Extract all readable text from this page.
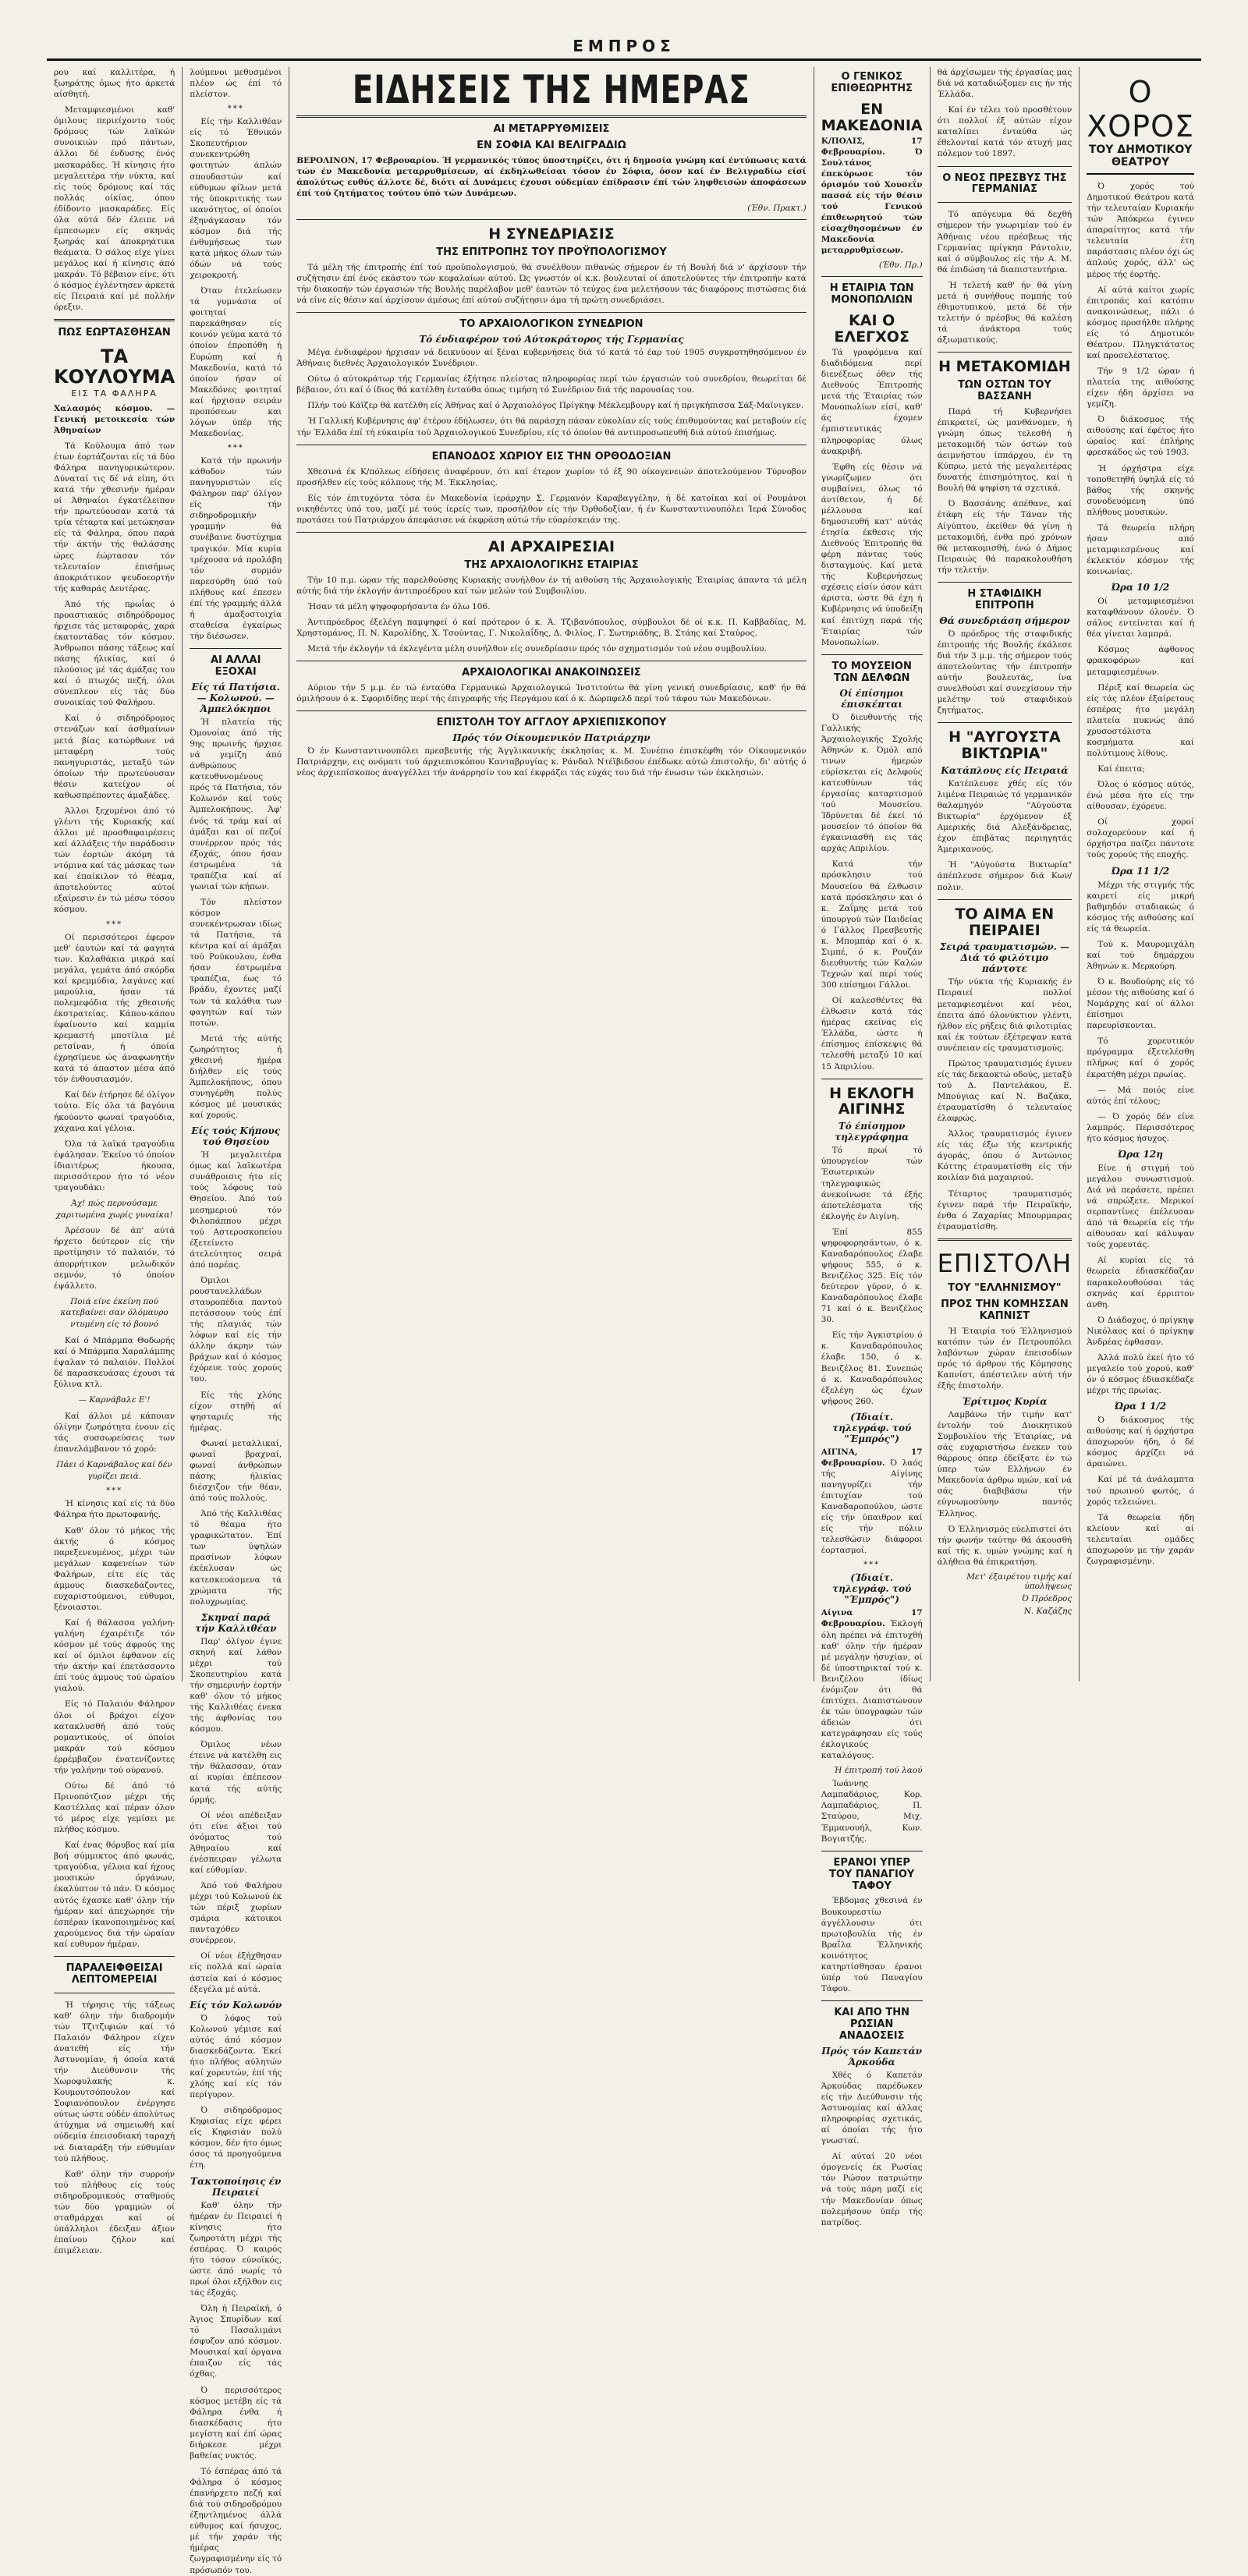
ΕΜΠΡΟΣ

ρου καί καλλιτέρα, ή ξωηράτης όμως ήτο άρκετά αίσθητή.

Μεταμφιεσμένοι καθ' όμιλους περιείχοντο τούς δρόμους τών λαϊκών συνοικιών πρό πάντων, άλλοι δέ ένδυσης ένός μασκαράδες. Ή κίνησις ήτο μεγαλειτέρα τήν νύκτα, καί είς τούς δρόμους καί τάς πολλάς οίκίας, όπου έδίδοντο μασκαράδες. Είς όλα αύτά δέν έλειπε νά έμπεσωμεν είς σκηνάς ξωηράς καί άποκρηάτικα θεάματα. Ό σάλος είχε γίνει μεγάλος καί ή κίνησις άπό μακράν. Τό βέβαιον είνε, ότι ό κόσμος έγλέντησεν άρκετά είς Πειραιά καί μέ πολλήν όρεξιν.

ΠΩΣ ΕΩΡΤΑΣΘΗΣΑΝ
ΤΑ ΚΟΥΛΟΥΜΑ
ΕΙΣ ΤΑ ΦΑΛΗΡΑ

Χαλασμός κόσμου. — Γενική μετοικεσία τών Άθηναίων

Τά Κούλουμα άπό των έτων έορτάζονται είς τά δύο Φάληρα πανηγυρικώτερον. Δύναταί τις δέ νά είπη, ότι κατά τήν χθεσινήν ήμέραν οί Άθηναίοι έγκατέλειπον τήν πρωτεύουσαν κατά τά τρία τέταρτα καί μετώκησαν είς τά Φάληρα, όπου παρά τήν άκτήν τής θαλάσσης ώρες έώρτασαν τόν τελευταίον έπισήμως άποκριάτικον ψευδοεορτήν τής καθαράς Δευτέρας.

Άπό τής πρωΐας ό προαστιακός σιδηρόδρομος ήρχισε τάς μεταφοράς, χαρά έκατοντάδας τόν κόσμον. Άνθρωποι πάσης τάξεως καί πάσης ήλικίας, καί ό πλούσιος μέ τάς άμάξας του καί ό πτωχός πεζή, όλοι σύνεπλεον είς τάς δύο συνοικίας τού Φαλήρου.

Καί ό σιδηρόδρομος στενάζων καί άσθμαίνων μετά βίας κατώρθωνε νά μεταφέρη τούς πανηγυριστάς, μεταξύ τών όποίων τήν πρωτεύουσαν θέσιν κατείχον οί καθωσπρέποντες άμαξάδες.

Άλλοι ξεχυμένοι άπό τό γλέντι τής Κυριακής καί άλλοι μέ προσθαφαιρέσεις καί άλλάξεις τήν παράδοσιν τών έορτών άκόμη τά ντόμινα καί τάς μάσκας των καί έπαίκιλον τό θέαμα, άποτελούντες αύτοί εξαίρεσιν έν τώ μέσω τόσου κόσμου.

***

Οί περισσότεροι έφερον μεθ' έαυτών καί τά φαγητά των. Καλαθάκια μικρά καί μεγάλα, γεμάτα άπό σκόρδα καί κρεμμύδια, λαγάνες καί μαρούλια, ήσαν τά πολεμεφόδια τής χθεσινής έκστρατείας. Κάπου-κάπου έφαίνοντο καί καμμία κρεμαστή μποτίλια μέ ρετσίναν, ή όποία έχρησίμευε ώς άναφωνητήν κατά τό άπαστον μέσα άπό τόν ένθουσιασμόν.

Καί δέν έτήρησε δέ όλίγον τούτο. Είς όλα τά βαγόνια ήκούοντο φωναί τραγούδια, χάχανα καί γέλοια.

Όλα τά λαϊκά τραγούδια έψάλησαν. Έκείνο τό όποίον ίδιαιτέρως ήκουσα, περισσότερον ήτο τό νέον τραγουδάκι:

Άχ! πώς περνούσαμε χαριτωμένα χωρίς γυναίκα!

Άρέσουν δέ άπ' αύτά ήρχετο δεύτερον είς τήν προτίμησιν τό παλαιόν, τό άπορρήτικον μελωδικόν σεμνόν, τό όποίον έψάλλετο.

Ποιά είνε έκείνη πού κατεβαίνει σαν όλόμαυρο ντυμένη είς τό βουνό

Καί ό Μπάρμπα Θοδωρής καί ό Μπάρμπα Χαραλάμπης έψαλαν τό παλαιόν. Πολλοί δέ παρασκευάσας έχουσι τά ξύλινα κτλ.

— Καρνάβαλε Ε'!

Καί άλλοι μέ κάποιαν όλίγην ζωηρότητα ένουν είς τάς συσσωρεύσεις των έπανελάμβανον τό χορό:

Πάει ό Καρνάβαλος καί δέν γυρίζει πειά.
***

Ή κίνησις καί είς τά δύο Φάληρα ήτο πρωτοφανής.

Καθ' όλον τό μήκος τής άκτής ό κόσμος παρεξενευμένος, μέχρι τών μεγάλων καφενείων τών Φαλήρων, είτε είς τάς άμμους διασκεδάζοντες, ευχαριστούμενοι, εύθυμοι, ξένοιαστοι.

Καί ή θάλασσα γαλήνη-γαλήνη έχαιρέτιζε τόν κόσμον μέ τούς άφρούς της καί οί όμιλοι έφθανον είς τήν άκτήν καί έπετάσσοντο έπί τούς άμμους τού ώραίου γιαλού.

Είς τό Παλαιόν Φάληρον όλοι οί βράχοι είχον κατακλυσθή άπό τούς ρομαντικούς, οί όποίοι μακράν τού κόσμου έρρέμβαζον ένατενίζοντες τήν γαλήνην τού ούρανού.

Ούτω δέ άπό τό Πρινοπότζιον μέχρι τής Καστέλλας καί πέραν όλον τό μέρος είχε γεμίσει με πλήθος κόσμου.

Καί ένας θόρυβος καί μία βοή σύμμικτος άπό φωνάς, τραγούδια, γέλοια καί ήχους μουσικών όργάνων, έκαλύπτον τό πάν. Ό κόσμος αύτός έχασκε καθ' όλην τήν ήμέραν καί άπεχώρησε τήν έσπέραν ίκανοποιημένος καί χαρούμενος διά τήν ώραίαν καί ευθυμον ήμέραν.

ΠΑΡΑΛΕΙΦΘΕΙΣΑΙ ΛΕΠΤΟΜΕΡΕΙΑΙ

Ή τήρησις τής τάξεως καθ' όλην τήν διαδρομήν τών Τζιτζιφιών καί τό Παλαιόν Φάληρον είχεν άνατεθή είς τήν Άστυνομίαν, ή όποία κατά τήν Διεύθυνσιν τής Χωροφυλακής κ. Κουμουτσόπουλον καί Σοφιανόπουλον ένέργησε ούτως ώστε ούδέν άπολύτως άτύχημα νά σημειωθή καί ούδεμία έπεισοδιακή ταραχή νά διαταράξη τήν εύθυμίαν τού πλήθους.

Καθ' όλην τήν συρροήν τού πλήθους είς τούς σιδηροδρομικούς σταθμούς τών δύο γραμμών οί σταθμάρχαι καί οί ύπάλληλοι έδειξαν άξιον έπαίνου ζήλον καί έπιμέλειαν.

λούμενοι μεθυσμένοι πλέον ώς έπί τό πλείστον.

***

Είς τήν Καλλιθέαν είς τό Έθνικόν Σκοπευτήριον συνεκεντρώθη φοιτητών άπλών σπουδαστών καί εύθυμων φίλων μετά τής ύποκριτικής των ικανότητος, οί όποίοι έξηνάγκασαν τόν κόσμον διά τής ένθυμήσεως των κατά μήκος όλων τών όδών νά τούς χειροκροτή.

Όταν έτελείωσεν τά γυμνάσια οί φοιτηταί παρεκάθησαν είς κοινόν γεύμα κατά τό όποίον έπροπόθη ή Ευρώπη καί ή Μακεδονία, κατά τό όποίον ήσαν οί Μακεδόνες φοιτηταί καί ήρχισαν σειράν προπόσεων και λόγων ύπέρ τής Μακεδονίας.

***

Κατά τήν πρωινήν κάθοδον τών πανηγυριστών είς Φάληρον παρ' όλίγον είς τήν σιδηροδρομικήν γραμμήν θά συνέβαινε δυστύχημα τραγικόν. Μία κυρία τρέχουσα νά προλάβη τόν συρμόν παρεσύρθη ύπό τού πλήθους καί έπεσεν έπί τής γραμμής άλλά ή άμαξοστοιχία σταθείσα έγκαίρως τήν διέσωσεν.

ΑΙ ΑΛΛΑΙ ΕΞΟΧΑΙ
Είς τά Πατήσια. — Κολωνού. — Άμπελόκηποι

Ή πλατεία τής Όμονοίας άπό τής 9ης πρωινής ήρχισε νά γεμίζη άπό άνθρώπους κατευθυνομένους πρός τά Πατήσια, τόν Κολωνόν καί τούς Άμπελοκήπους. Άφ' ένός τά τράμ καί αί άμάξαι και οί πεζοί συνέρρεον πρός τάς έξοχάς, όπου ήσαν έστρωμένα τά τραπέζια καί αί γωνιαί τών κήπων.

Τόν πλείστον κόσμον συνεκέντρωσαν ιδίως τά Πατήσια, τά κέντρα καί αί άμάξαι τού Ρούκουλου, ένθα ήσαν έστρωμένα τραπέζια, έως τό βράδυ, έχοντες μαζί των τά καλάθια των φαγητών καί τών ποτών.

Μετά τής αύτής ζωηρότητος ή χθεσινή ήμέρα διήλθεν είς τούς Άμπελοκήπους, όπου συνηγέρθη πολύς κόσμος μέ μουσικάς καί χορούς.

Είς τούς Κήπους τού Θησείου

Ή μεγαλειτέρα όμως καί λαϊκωτέρα συνάθροισις ήτο είς τούς λόφους τού Θησείου. Άπό τού μεσημεριού τόν Φιλοπάππου μέχρι τού Αστεροσκοπείου έξετείνετο άτελεύτητος σειρά άπό παρέας.

Όμιλοι ρουστανελλάδων σταυροπέδια παντού πετάσσουν τούς έπί τής πλαγιάς τών λόφων καί είς τήν άλλην άκρην τών βράχων καί ό κόσμος έχόρευε τούς χορούς του.

Είς τής χλόης είχον στηθή αί ψησταριές τής ήμέρας.

Φωναί μεταλλικαί, φωναί βραχναί, φωναί άνθρώπων πάσης ήλικίας διέσχιζον τήν θέαν, άπό τούς πολλούς.

Άπό τής Καλλιθέας τό θέαμα ήτο γραφικώτατον. Έπί των ύψηλών πρασίνων λόφων έκέκλυσαν ώς κατεσκευάσμενα τά χρώματα τής πολυχρωμίας.

Σκηναί παρά τήν Καλλιθέαν

Παρ' όλίγον έγινε σκηνή καί λάθον μέχρι τού Σκοπευτηρίου κατά τήν σημερινήν έορτήν καθ' όλον τό μήκος τής Καλλιθέας ένεκα τής άφθονίας του κόσμου.

Όμιλος νέων έτεινε νά κατέλθη εις τήν θάλασσαν, όταν αί κυρίαι έπέπεσον κατά τής αύτής όρμής.

Οί νέοι απέδειξαν ότι είνε άξιοι τού όνόματος τού Άθηναίου καί ένέσπειραν γέλωτα καί εύθυμίαν.

Άπό τού Φαλήρου μέχρι τού Κολωνού έκ τών πέριξ χωρίων σμάρια κάτοικοι πανταχόθεν συνέρρεον.

Οί νέοι έξήχθησαν είς πολλά καί ώραία άστεία καί ό κόσμος έξεγέλα μέ αύτά.

Είς τόν Κολωνόν

Ό λόφος τού Κολωνού γέμισε καί αύτός άπό κόσμον διασκεδάζοντα. Έκεί ήτο πλήθος αύλητών καί χορευτών, έπί τής χλόης καί είς τόν περίγυρον.

Ό σιδηρόδρομος Κηφισίας είχε φέρει είς Κηφισιάν πολύ κόσμον, δέν ήτο όμως όσος τά προηγούμενα έτη.

Τακτοποίησις έν Πειραιεί

Καθ' όλην τήν ήμέραν έν Πειραιεί ή κίνησις ήτο ζωηροτάτη μέχρι τής έσπέρας. Ό καιρός ήτο τόσον εύνοϊκός, ώστε άπό νωρίς τό πρωί όλοι εξήλθον εις τάς έξοχάς.

Όλη ή Πειραϊκή, ό Άγιος Σπυρίδων καί τό Πασαλιμάνι έσφυζον από κόσμον. Μουσικαί καί όργανα έπαιζον είς τάς όχθας.

Ό περισσότερος κόσμος μετέβη είς τά Φάληρα ένθα ή διασκέδασις ήτο μεγίστη καί έπί ώρας διήρκεσε μέχρι βαθείας νυκτός.

Τό έσπέρας άπό τά Φάληρα ό κόσμος έπανήρχετο πεζή καί διά τού σιδηροδρόμου έξηντλημένος άλλά εύθυμος καί ήσυχος, μέ τήν χαράν τής ήμέρας ζωγραφισμένην είς τό πρόσωπόν του.

ΕΙΔΗΣΕΙΣ ΤΗΣ ΗΜΕΡΑΣ
ΑΙ ΜΕΤΑΡΡΥΘΜΙΣΕΙΣ
ΕΝ ΣΟΦΙΑ ΚΑΙ ΒΕΛΙΓΡΑΔΙΩ

ΒΕΡΟΛΙΝΟΝ, 17 Φεβρουαρίου. Ή γερμανικός τύπος ύποστηρίζει, ότι ή δημοσία γνώμη καί έντύπωσις κατά τών έν Μακεδονία μεταρρυθμίσεων, αί έκδηλωθείσαι τόσον έν Σόφια, όσον καί έν Βελιγραδίω είσί άπολύτως ευθύς άλλοτε δέ, διότι αί Δυνάμεις έχουσι ούδεμίαν έπίδρασιν έπί τών ληφθεισών άποφάσεων έπί τού ζητήματος τούτου ύπό τών Δυνάμεων.

(Έθν. Πρακτ.)
Η ΣΥΝΕΔΡΙΑΣΙΣ
ΤΗΣ ΕΠΙΤΡΟΠΗΣ ΤΟΥ ΠΡΟΫΠΟΛΟΓΙΣΜΟΥ

Τά μέλη τής έπιτροπής έπί τού προϋπολογισμού, θά συνέλθουν πιθανώς σήμερον έν τή Βουλή διά ν' άρχίσουν τήν συζήτησιν έπί ένός εκάστου τών κεφαλαίων αύτού. Ώς γνωστόν οί κ.κ. βουλευταί οί άποτελούντες τήν έπιτροπήν κατά τήν διακοπήν τών έργασιών τής Βουλής παρέλαβον μεθ' έαυτών τό τεύχος ένα μελετήσουν τάς διαφόρους πιστώσεις διά νά είνε είς θέσιν καί άρχίσουν άμέσως έπί αύτού συζήτησιν άμα τή πρώτη συνεδριάσει.

ΤΟ ΑΡΧΑΙΟΛΟΓΙΚΟΝ ΣΥΝΕΔΡΙΟΝ
Τό ένδιαφέρον τού Αύτοκράτορος τής Γερμανίας

Μέγα ένδιαφέρον ήρχισαν νά δεικνύουν αί ξέναι κυβερνήσεις διά τό κατά τό έαρ τού 1905 συγκροτηθησόμενον έν Άθήναις διεθνές Άρχαιολογικόν Συνέδριον.

Ούτω ό αύτοκράτωρ τής Γερμανίας έξήτησε πλείστας πληροφορίας περί τών έργασιών τού συνεδρίου, θεωρείται δέ βέβαιον, ότι καί ό ίδιος θά κατέλθη ένταύθα όπως τιμήση τό Συνέδριον διά τής παρουσίας του.

Πλήν τού Κάϊζερ θά κατέλθη είς Άθήνας καί ό Άρχαιολόγος Πρίγκηψ Μέκλεμβουργ καί ή πριγκήπισσα Σάξ-Μαϊνιγκεν.

Ή Γαλλική Κυβέρνησις άφ' έτέρου έδήλωσεν, ότι θά παράσχη πάσαν εύκολίαν είς τούς έπιθυμούντας καί μεταβούν είς τήν Έλλάδα έπί τή εύκαιρία τού Άρχαιολογικού Συνεδρίου, είς τό όποίον θά αντιπροσωπευθή διά αύτού έπισήμως.

ΕΠΑΝΟΔΟΣ ΧΩΡΙΟΥ ΕΙΣ ΤΗΝ ΟΡΘΟΔΟΞΙΑΝ

Χθεσινά έκ Κ/πόλεως είδήσεις άναφέρουν, ότι καί έτερον χωρίον τό έξ 90 οίκογενειών άποτελούμενον Τύρνοβον προσήλθεν είς τούς κόλπους τής Μ. Έκκλησίας.

Είς τόν έπιτυχόντα τόσα έν Μακεδονία ίεράρχην Σ. Γερμανόν Καραβαγγέλην, ή δέ κατοίκαι καί οί Ρουμάνοι νικηθέντες ύπό του, μαζί μέ τούς ίερείς των, προσήλθον είς τήν Όρθοδοξίαν, ή έν Κωνσταντινουπόλει Ίερά Σύνοδος προτάσει τού Πατριάρχου άπεφάσισε νά έκφράση αύτώ τήν εύαρέσκειάν της.

ΑΙ ΑΡΧΑΙΡΕΣΙΑΙ
ΤΗΣ ΑΡΧΑΙΟΛΟΓΙΚΗΣ ΕΤΑΙΡΙΑΣ

Τήν 10 π.μ. ώραν τής παρελθούσης Κυριακής συνήλθον έν τή αιθούση τής Άρχαιολογικής Έταιρίας άπαντα τά μέλη αύτής διά τήν έκλογήν άντιπροέδρου καί τών μελών τού Συμβουλίου.

Ήσαν τά μέλη ψηφοφορήσαντα έν όλω 106.

Άντιπρόεδρος έξελέγη παμψηφεί ό καί πρότερον ό κ. Ά. Τζιβανόπουλος, σύμβουλοι δέ οί κ.κ. Π. Καββαδίας, Μ. Χρηστομάνος, Π. Ν. Καρολίδης, Χ. Τσούντας, Γ. Νικολαΐδης, Δ. Φιλίος, Γ. Σωτηριάδης, Β. Στάης καί Σταύρος.

Μετά τήν έκλογήν τά έκλεγέντα μέλη συνήλθον είς συνεδρίασιν πρός τόν σχηματισμόν τού νέου συμβουλίου.

ΑΡΧΑΙΟΛΟΓΙΚΑΙ ΑΝΑΚΟΙΝΩΣΕΙΣ

Αύριον τήν 5 μ.μ. έν τώ ένταύθα Γερμανικώ Άρχαιολογικώ Ίνστιτούτω θά γίνη γενική συνεδρίασις, καθ' ήν θά όμιλήσουν ό κ. Σφοριδίδης περί τής έπιγραφής τής Περγάμου καί ό κ. Δώρπφελδ περί τού τάφου τών Μακεδόνων.

ΕΠΙΣΤΟΛΗ ΤΟΥ ΑΓΓΛΟΥ ΑΡΧΙΕΠΙΣΚΟΠΟΥ
Πρός τόν Οίκουμενικόν Πατριάρχην

Ό έν Κωνσταντινουπόλει πρεσβευτής τής Άγγλικανικής έκκλησίας κ. Μ. Συνέπιο έπισκέφθη τόν Οίκουμενικόν Πατριάρχην, εις ονόματι τού άρχιεπισκόπου Κανταβρυγίας κ. Ράνδαλ Ντέϊβιδσον έπέδωκε αύτώ έπιστολήν, δι' αύτής ό νέος άρχιεπίσκοπος άναγγέλλει τήν άνάρρησίν του καί έκφράζει τάς εύχάς του διά τήν ένωσιν τών έκκλησιών.

Ο ΓΕΝΙΚΟΣ ΕΠΙΘΕΩΡΗΤΗΣ
ΕΝ ΜΑΚΕΔΟΝΙΑ

Κ/ΠΟΛΙΣ, 17 Φεβρουαρίου.	Ό Σουλτάνος έπεκύρωσε τόν όρισμόν τού Χουσεΐν πασσά είς τήν θέσιν τού Γενικού έπιθεωρητού τών είσαχθησομένων έν Μακεδονία μεταρρυθμίσεων.

(Έθν. Πρ.)
Η ΕΤΑΙΡΙΑ ΤΩΝ ΜΟΝΟΠΩΛΙΩΝ
ΚΑΙ Ο ΕΛΕΓΧΟΣ

Τά γραφόμενα καί διαδιδόμενα περί διενέξεως όθεν τής Διεθνούς Έπιτροπής μετά τής Έταιρίας τών Μονοπωλίων είσί, καθ' άς έχομεν έμπιστευτικάς πληροφορίας όλως άνακριβή.

Έφθη είς θέσιν νά γνωρίζωμεν ότι συμβαίνει, όλως τό άντίθετον, ή δέ μέλλουσα καί δημοσιευθή κατ' αύτάς έτησία έκθεσις τής Διεθνούς Έπιτροπής θά φέρη πάντας τούς δισταγμούς. Καί μετά τής Κυβερνήσεως σχέσεις είσίν όσον κάτι άριστα, ώστε θά έχη ή Κυβέρνησις νά ύποδείξη καί έπιτύχη παρά τής Έταιρίας τών Μονοπωλίων.

ΤΟ ΜΟΥΣΕΙΟΝ ΤΩΝ ΔΕΛΦΩΝ
Οί έπίσημοι έπισκέπται

Ό διευθυντής τής Γαλλικής Άρχαιολογικής Σχολής Άθηνών κ. Όμόλ από τινων ήμερών εύρίσκεται είς Δελφούς κατευθύνων τάς έργασίας καταρτισμού τού Μουσείου. Ίδρύνεται δέ έκεί τό μουσείον τό όποίον θά έγκαινιασθή εις τάς αρχάς Απριλίου.

Κατά τήν πρόσκλησιν τού Μουσείου θά έλθωσιν κατά πρόσκλησιν και ό κ. Ζαΐμης μετά τού ύπουργού τών Παιδείας ό Γάλλος Πρεσβευτής κ. Μπομπάρ καί ό κ. Σιμπέ, ό κ. Ρουζάν διευθυντής τών Καλών Τεχνών καί περί τούς 300 επίσημοι Γάλλοι.

Οί καλεσθέντες θά έλθωσιν κατά τάς ήμέρας εκείνας είς Έλλάδα, ώστε ή έπίσημος έπίσκεψις θά τελεσθή μεταξύ 10 καί 15 Άπριλίου.

Η ΕΚΛΟΓΗ ΑΙΓΙΝΗΣ
Τό έπίσημον τηλεγράφημα

Τό πρωί τό ύπουργείον τών Έσωτερικών τηλεγραφικώς άνεκοίνωσε τά έξής άποτελέσματα τής έκλογής έν Αιγίνη.

Έπί 855 ψηφοφορησάντων, ό κ. Καναδαρόπουλος έλαβε ψήφους 555, ό κ. Βενιζέλος 325. Είς τόν δεύτερον γύρον, ό κ. Καναδαρόπουλος έλαβε 71 καί ό κ. Βενιζέλος 30.

Είς τήν Άγκιστρίου ό κ. Καναδαρόπουλος έλαβε 150, ό κ. Βενιζέλος 81. Συνεπώς ό κ. Καναδαρόπουλος έξελέγη ώς έχων ψήφους 260.

(Ίδιαίτ. τηλεγράφ. τού "Έμπρός")

ΑΙΓΙΝΑ, 17 Φεβρουαρίου. Ό λαός τής Αίγίνης πανηγυρίζει τήν έπιτυχίαν τού Καναδαροπούλου, ώστε είς τήν ύπαιθρον καί είς τήν πόλιν τελεσθώσιν διάφοροι έορτασμοί.

***
(Ίδιαίτ. τηλεγράφ. τού "Έμπρός")

Αίγινα 17 Φεβρουαρίου. Έκλογή όλη πρέπει νά έπιτυχθή καθ' όλην τήν ήμέραν μέ μεγάλην ήσυχίαν, οί δέ ύποστηρικταί τού κ. Βενιζέλου ίδίως ένόμιζον ότι θά έπιτύχει. Διαπιστώνουν έκ τών ύπογραφών τών άδειών ότι κατεγράφησαν είς τούς έκλογικούς καταλόγους.

Ή έπιτροπή τού λαού

Ίωάννης Λαμπαδάριος, Κορ. Λαμπαδάριος, Π. Σταύρου, Μιχ. Έμμανουήλ, Κων. Βογιατζής.

ΕΡΑΝΟΙ ΥΠΕΡ ΤΟΥ ΠΑΝΑΓΙΟΥ ΤΑΦΟΥ

Έβδομας χθεσινά έν Βουκουρεστίω άγγέλλουσιν ότι πρωτοβουλία τής έν Βραΐλα Έλληνικής κοινότητος κατηρτίσθησαν έρανοι ύπέρ τού Παναγίου Τάφου.

ΚΑΙ ΑΠΟ ΤΗΝ ΡΩΣΙΑΝ ΑΝΑΔΟΣΕΙΣ
Πρός τόν Καπετάν Άρκούδα

Χθές ό Καπετάν Άρκούδας παρέδωκεν είς τήν Διεύθυνσιν τής Άστυνομίας καί άλλας πληροφορίας σχετικάς, αί όποίαι τής ήτο γνωσταί.

Αί αύταί 20 νέοι όμογενείς έκ Ρωσίας τόν Ρώσον πατριώτην νά τούς πάρη μαζί είς τήν Μακεδονίαν όπως πολεμήσουν ύπέρ τής πατρίδος.

θά άρχίσωμεν τής έργασίας μας διά νά καταδιώξομεν εις ήν τής Έλλάδα.

Καί έν τέλει τού προσθέτουν ότι πολλοί έξ αύτών είχον καταλίπει ένταύθα ώς έθελονταί κατά τόν άτυχή μας πόλεμον τού 1897.

Ο ΝΕΟΣ ΠΡΕΣΒΥΣ ΤΗΣ ΓΕΡΜΑΝΙΑΣ

Τό απόγευμα θά δεχθή σήμερον τήν γνωριμίαν τού έν Άθήναις νέου πρέσβεως τής Γερμανίας πρίγκηπ Ράντολιν, καί ό σύμβουλος είς τήν Α. Μ. θά έπιδώση τά διαπιστευτήρια.

Ή τελετή καθ' ήν θά γίνη μετά ή συνήθους πομπής τού έθιμοτυπικού, μετά δέ τήν τελετήν ό πρέσβυς θά καλέση τά άνάκτορα τούς άξιωματικούς.

Η ΜΕΤΑΚΟΜΙΔΗ
ΤΩΝ ΟΣΤΩΝ ΤΟΥ ΒΑΣΣΑΝΗ

Παρά τή Κυβερνήσει έπικρατεί, ώς μανθάνομεν, ή γνώμη όπως τελεσθή ή μετακομιδή τών όστών τού άειμνήστου ίππάρχου, έν τη Κύπρω, μετά τής μεγαλειτέρας δυνατής έπισημότητος, καί ή Βουλή θά ψηφίση τά σχετικά.

Ό Βασσάνης άπέθανε, καί έτάφη είς τήν Τάναν τής Αίγύπτου, έκείθεν θά γίνη ή μετακομιδή, ένθα πρό χρόνων θά μετακομισθή, ένώ ό Δήμος Πειραιώς θά παρακολουθήση τήν τελετήν.

Η ΣΤΑΦΙΔΙΚΗ ΕΠΙΤΡΟΠΗ
Θά συνεδριάση σήμερον

Ό πρόεδρος τής σταφιδικής έπιτροπής τής Βουλής έκάλεσε διά τήν 3 μ.μ. τής σήμερον τούς άποτελούντας τήν έπιτροπήν αύτήν βουλευτάς, ίνα συνελθούσι καί συνεχίσουν τήν μελέτην τού σταφιδικού ζητήματος.

Η "ΑΥΓΟΥΣΤΑ ΒΙΚΤΩΡΙΑ"
Κατάπλους είς Πειραιά

Κατέπλευσε χθές είς τόν λιμένα Πειραιώς τό γερμανικόν θαλαμηγόν "Αύγούστα Βικτωρία" έρχόμενον έξ Αμερικής διά Αλεξάνδρειας, έχον έπιβάτας περιηγητάς Άμερικανούς.

Ή "Αύγούστα Βικτωρία" άπέπλευσε σήμερον διά Κων/πολιν.

ΤΟ ΑΙΜΑ ΕΝ ΠΕΙΡΑΙΕΙ
Σειρά τραυματισμών. — Διά τό φιλότιμο πάντοτε

Τήν νύκτα τής Κυριακής έν Πειραιεί πολλοί μεταμφιεσμένοι καί νέοι, έπειτα άπό όλονύκτιον γλέντι, ήλθον είς ρήξεις διά φιλοτιμίας καί έκ τούτων έξέτρεψαν κατά συνέπειαν είς τραυματισμούς.

Πρώτος τραυματισμός έγινεν είς τάς δεκαοκτώ οδούς, μεταξύ τού Δ. Παντελάκου, Ε. Μπούγιας καί Ν. Βαζάκα, έτραυματίσθη ό τελευταίος έλαφρώς.

Άλλος τραυματισμός έγινεν είς τάς έξω τής κεντρικής άγοράς, όπου ό Άντώνιος Κόττης έτραυματίσθη είς τήν κοιλίαν διά μαχαιριού.

Τέταρτος τραυματισμός έγινεν παρά τήν Πειραϊκήν, ένθα ό Ζαχαρίας Μπουρμαρας έτραυματίσθη.

ΕΠΙΣΤΟΛΗ
ΤΟΥ "ΕΛΛΗΝΙΣΜΟΥ"
ΠΡΟΣ ΤΗΝ ΚΟΜΗΣΣΑΝ ΚΑΠΝΙΣΤ

Ή Έταιρία τού Έλληνισμού κατόπιν τών έν Πετρουπόλει λαβόντων χώραν έπεισοδίων πρός τό άρθρον τής Κόμησσης Καπνίστ, άπέστειλεν αύτή τήν έξής έπιστολήν.

Έρίτιμος Κυρία

Λαμβάνω τήν τιμήν κατ' έντολήν τού Διοικητικού Συμβουλίου τής Έταιρίας, νά σάς ευχαριστήσω ένεκεν τού θάρρους όπερ έδείξατε έν τώ ύπερ τών Ελλήνων έν Μακεδονία άρθρω υμών, καί νά σάς διαβιβάσω τήν εύγνωμοσύνην παντός Έλληνος.

Ό Έλληνισμός εύελπιστεί ότι τήν φωνήν ταύτην θά άκουσθή καί τής κ. υμών γνώμης καί ή άλήθεια θά έπικρατήση.

Μετ' έξαιρέτου τιμής καί ύπολήψεως
Ό Πρόεδρος
Ν. Καζάζης
Ο ΧΟΡΟΣ
ΤΟΥ ΔΗΜΟΤΙΚΟΥ ΘΕΑΤΡΟΥ

Ό χορός τού Δημοτικού Θεάτρου κατά τήν τελευταίαν Κυριακήν τών Άπόκρεω έγινεν άπαραίτητος κατά τήν τελευταία έτη παράστασις πλέον όχι ώς άπλούς χορός, άλλ' ώς μέρος τής έορτής.

Αί αύτά καίτοι χωρίς έπιτροπάς καί κατόπιν ανακοινώσεως, πάλι ό κόσμος προσήλθε πλήρης είς τό Δημοτικόν Θέατρον. Πληγκτάτατος καί προσελέστατος.

Τήν 9 1/2 ώραν ή πλατεία της αιθούσης είχεν ήδη άρχίσει να γεμίζη.

Ό διάκοσμος τής αιθούσης καί έφέτος ήτο ώραίος καί έπλήρης φρεσκάδος ώς τού 1903.

Ή όρχήστρα είχε τοποθετηθή ύψηλά είς τό βάθος τής σκηνής συνοδευόμενη ύπό πλήθους μουσικών.

Τά θεωρεία πλήρη ήσαν από μεταμφιεσμένους καί έκλεκτόν κόσμον τής κοινωνίας.

Ώρα 10 1/2

Οί μεταμφιεσμένοι καταφθάνουν όλονέν. Ό σάλος εντείνεται καί ή θέα γίνεται λαμπρά.

Κόσμος άφθονος φρακοφόρων καί μεταμφιεσμένων.

Πέριξ καί θεωρεία ώς είς τάς πλέον έξαίρετους έσπέρας ήτο μεγάλη πλατεία πυκνώς άπό χρυσοστόλιστα κοσμήματα καί πολύτιμους λίθους.

Καί έπειτα;

Όλος ό κόσμος αύτός, ένώ μέσα ήτο είς την αίθουσαν, έχόρευε.

Οί χοροί σολοχορεύουν καί ή όρχήστρα παίζει πάντοτε τούς χορούς τής εποχής.

Ώρα 11 1/2

Μέχρι τής στιγμής τής καιρετί είς μικρή βαθμηδόν σταδιακώς ό κόσμος τής αιθούσης καί είς τά θεωρεία.

Τού κ. Μαυρομιχάλη καί τού δημάρχου Άθηνών κ. Μερκούρη.

Ό κ. Βουδούρης είς τό μέσον τής αιθούσης καί ό Νομάρχης καί οί άλλοι έπίσημοι παρευρίσκονται.

Τό χορευτικόν πρόγραμμα έξετελέσθη πλήρως καί ό χορός έκρατήθη μέχρι πρωίας.

— Μά ποιός είνε αύτός έπί τέλους;

— Ό χορός δέν είνε λαμπρός. Περισσότερος ήτο κόσμος ήσυχος.

Ώρα 12η

Είνε ή στιγμή τού μεγάλου συνωστισμού. Διά νά περάσετε, πρέπει νά σπρώξετε. Μερικοί σερπαντίνες έπέλευσαν άπό τά θεωρεία είς τήν αίθουσαν καί κάλυψαν τούς χορευτάς.

Αί κυρίαι είς τά θεωρεία έδιασκέδαζαν παρακολουθούσαι τάς σκηνάς καί έρριπτον άνθη.

Ό Διάδοχος, ό πρίγκηψ Νικόλαος καί ό πρίγκηψ Άνδρέας έφθασαν.

Άλλά πολύ έκεί ήτο τό μεγαλείο τού χορού, καθ' όν ό κόσμος έδιασκέδαζε μέχρι τής πρωίας.

Ώρα 1 1/2

Ό διάκοσμος τής αιθούσης καί ή όρχήστρα άποχωρούν ήδη, ό δέ κόσμος άρχίζει νά άραιώνει.

Καί μέ τά άνάλαμπτα τού πρωινού φωτός, ό χορός τελειώνει.

Τά θεωρεία ήδη κλείουν καί αί τελευταίαι ομάδες άποχωρούν με τήν χαράν ζωγραφισμένην.
